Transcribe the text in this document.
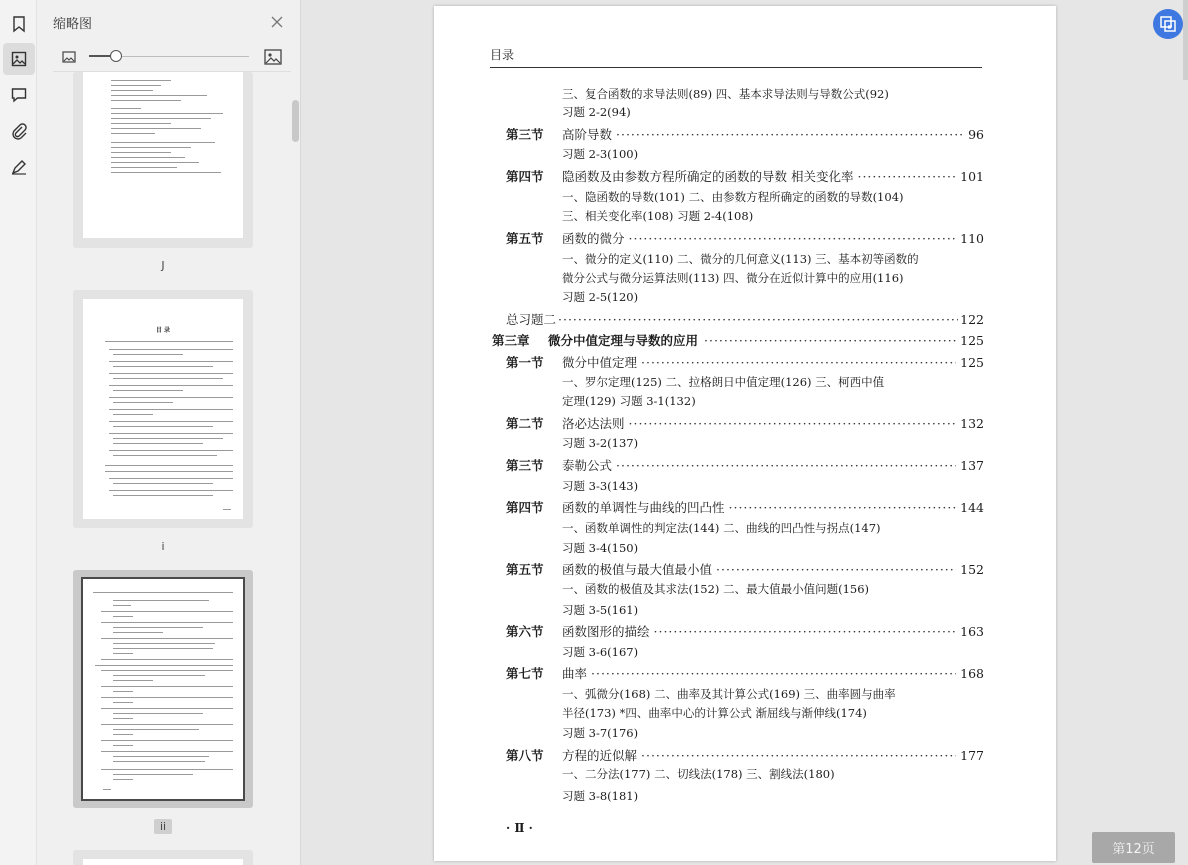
缩略图
J
目 录
i
ii
目录
三、复合函数的求导法则(89) 四、基本求导法则与导数公式(92)
习题 2-2(94)
第三节	高阶导数 ·····	96
习题 2-3(100)
第四节	隐函数及由参数方程所确定的函数的导数 相关变化率 ·····	101
一、隐函数的导数(101) 二、由参数方程所确定的函数的导数(104)
三、相关变化率(108) 习题 2-4(108)
第五节	函数的微分 ·····	110
一、微分的定义(110) 二、微分的几何意义(113) 三、基本初等函数的
微分公式与微分运算法则(113) 四、微分在近似计算中的应用(116)
习题 2-5(120)
总习题二 ·····	122
第三章	微分中值定理与导数的应用 ·····	125
第一节	微分中值定理 ·····	125
一、罗尔定理(125) 二、拉格朗日中值定理(126) 三、柯西中值
定理(129) 习题 3-1(132)
第二节	洛必达法则 ·····	132
习题 3-2(137)
第三节	泰勒公式 ·····	137
习题 3-3(143)
第四节	函数的单调性与曲线的凹凸性 ·····	144
一、函数单调性的判定法(144) 二、曲线的凹凸性与拐点(147)
习题 3-4(150)
第五节	函数的极值与最大值最小值 ·····	152
一、函数的极值及其求法(152) 二、最大值最小值问题(156)
习题 3-5(161)
第六节	函数图形的描绘 ·····	163
习题 3-6(167)
第七节	曲率 ·····	168
一、弧微分(168) 二、曲率及其计算公式(169) 三、曲率圆与曲率
半径(173) *四、曲率中心的计算公式 渐屈线与渐伸线(174)
习题 3-7(176)
第八节	方程的近似解 ·····	177
一、二分法(177) 二、切线法(178) 三、割线法(180)
习题 3-8(181)
· Ⅱ ·
第12页
